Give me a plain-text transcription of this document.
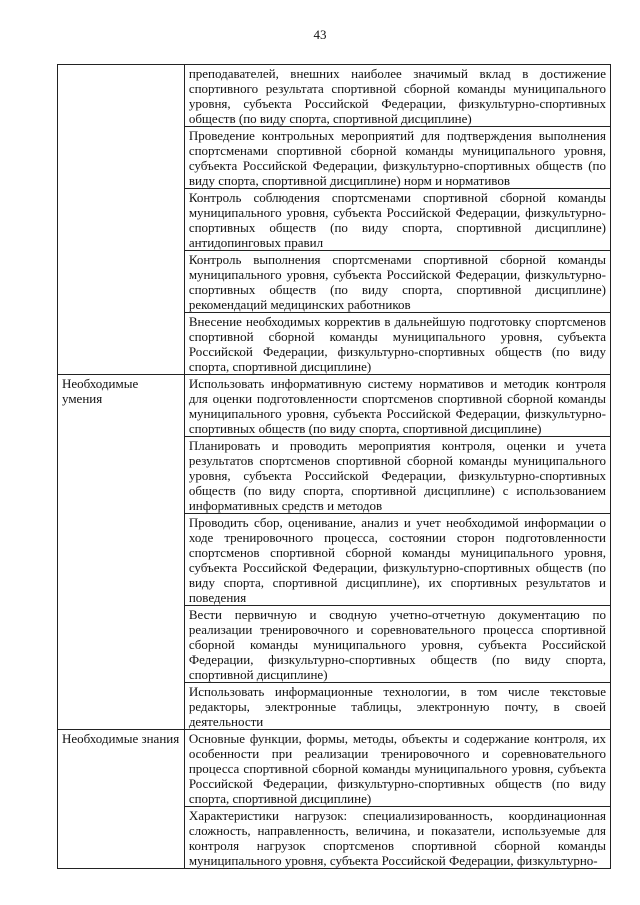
43
	преподавателей, внешних наиболее значимый вклад в достижение спортивного результата спортивной сборной команды муниципального уровня, субъекта Российской Федерации, физкультурно-спортивных обществ (по виду спорта, спортивной дисциплине)
	Проведение контрольных мероприятий для подтверждения выполнения спортсменами спортивной сборной команды муниципального уровня, субъекта Российской Федерации, физкультурно-спортивных обществ (по виду спорта, спортивной дисциплине) норм и нормативов
	Контроль соблюдения спортсменами спортивной сборной команды муниципального уровня, субъекта Российской Федерации, физкультурно-спортивных обществ (по виду спорта, спортивной дисциплине) антидопинговых правил
	Контроль выполнения спортсменами спортивной сборной команды муниципального уровня, субъекта Российской Федерации, физкультурно-спортивных обществ (по виду спорта, спортивной дисциплине) рекомендаций медицинских работников
	Внесение необходимых корректив в дальнейшую подготовку спортсменов спортивной сборной команды муниципального уровня, субъекта Российской Федерации, физкультурно-спортивных обществ (по виду спорта, спортивной дисциплине)
Необходимые умения	Использовать информативную систему нормативов и методик контроля для оценки подготовленности спортсменов спортивной сборной команды муниципального уровня, субъекта Российской Федерации, физкультурно-спортивных обществ (по виду спорта, спортивной дисциплине)
	Планировать и проводить мероприятия контроля, оценки и учета результатов спортсменов спортивной сборной команды муниципального уровня, субъекта Российской Федерации, физкультурно-спортивных обществ (по виду спорта, спортивной дисциплине) с использованием информативных средств и методов
	Проводить сбор, оценивание, анализ и учет необходимой информации о ходе тренировочного процесса, состоянии сторон подготовленности спортсменов спортивной сборной команды муниципального уровня, субъекта Российской Федерации, физкультурно-спортивных обществ (по виду спорта, спортивной дисциплине), их спортивных результатов и поведения
	Вести первичную и сводную учетно-отчетную документацию по реализации тренировочного и соревновательного процесса спортивной сборной команды муниципального уровня, субъекта Российской Федерации, физкультурно-спортивных обществ (по виду спорта, спортивной дисциплине)
	Использовать информационные технологии, в том числе текстовые редакторы, электронные таблицы, электронную почту, в своей деятельности
Необходимые знания	Основные функции, формы, методы, объекты и содержание контроля, их особенности при реализации тренировочного и соревновательного процесса спортивной сборной команды муниципального уровня, субъекта Российской Федерации, физкультурно-спортивных обществ (по виду спорта, спортивной дисциплине)
	Характеристики нагрузок: специализированность, координационная сложность, направленность, величина, и показатели, используемые для контроля нагрузок спортсменов спортивной сборной команды муниципального уровня, субъекта Российской Федерации, физкультурно-
